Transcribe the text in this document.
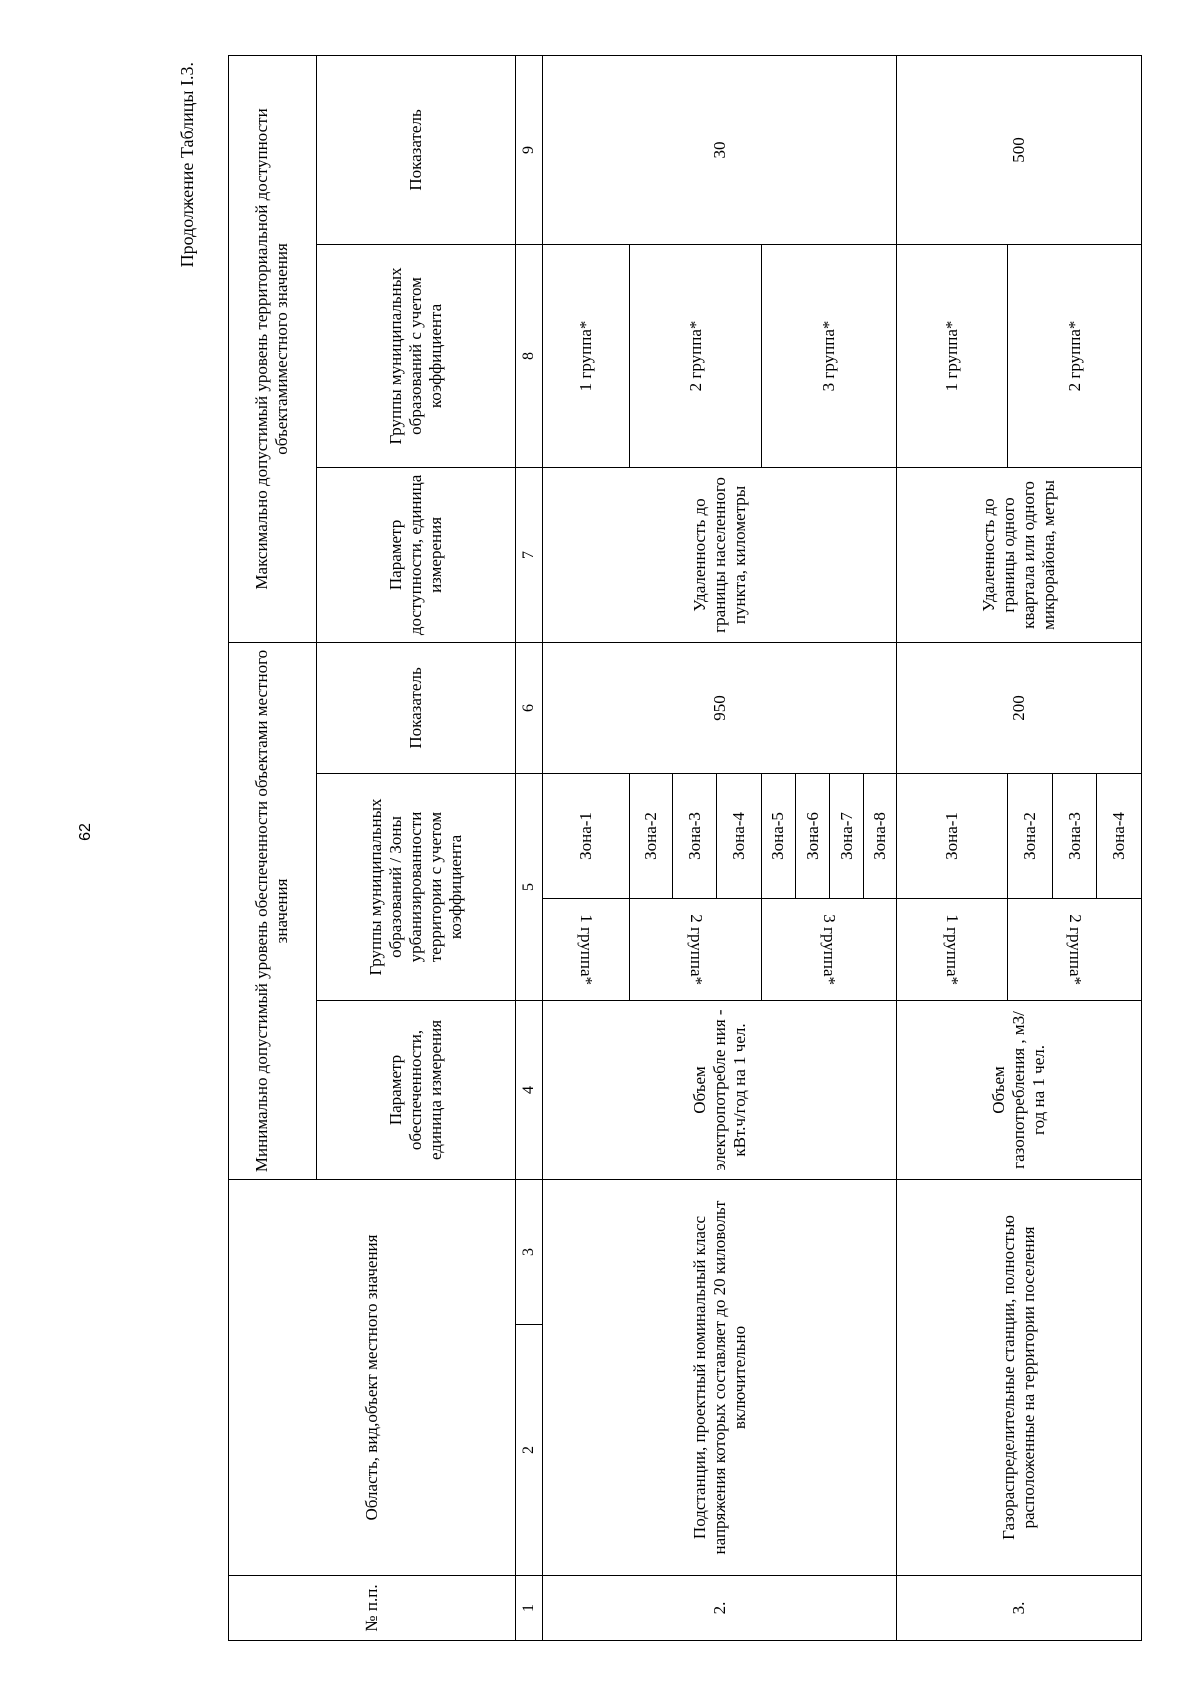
62
Продолжение Таблицы I.3.
№ п.п.	Область, вид,объект местного значения		Минимально допустимый уровень обеспеченности объектами местного значения				Максимально допустимый уровень территориальной доступности объектамиместного значения		
			Параметр обеспеченности, единица измерения	Группы муниципальных образований / Зоны урбанизированности территории с учетом коэффициента		Показатель	Параметр доступности, единица измерения	Группы муниципальных образований с учетом коэффициента	Показатель
1	2	3	4	5		6	7	8	9
2.	Подстанции, проектный номинальный класс напряжения которых составляет до 20 киловольт включительно		Объем электропотребле ния - кВт.ч/год на 1 чел.	1 группа*	Зона-1	950	Удаленность до границы населенного пункта, километры	1 группа*	30
				2 группа*	Зона-2			2 группа*	
					Зона-3				
					Зона-4				
				3 группа*	Зона-5			3 группа*	
					Зона-6				
					Зона-7				
					Зона-8				
3.	Газораспределительные станции, полностью расположенные на территории поселения		Объем газопотребления , м3/год на 1 чел.	1 группа*	Зона-1	200	Удаленность до границы одного квартала или одного микрорайона, метры	1 группа*	500
				2 группа*	Зона-2			2 группа*	
					Зона-3				
					Зона-4				
